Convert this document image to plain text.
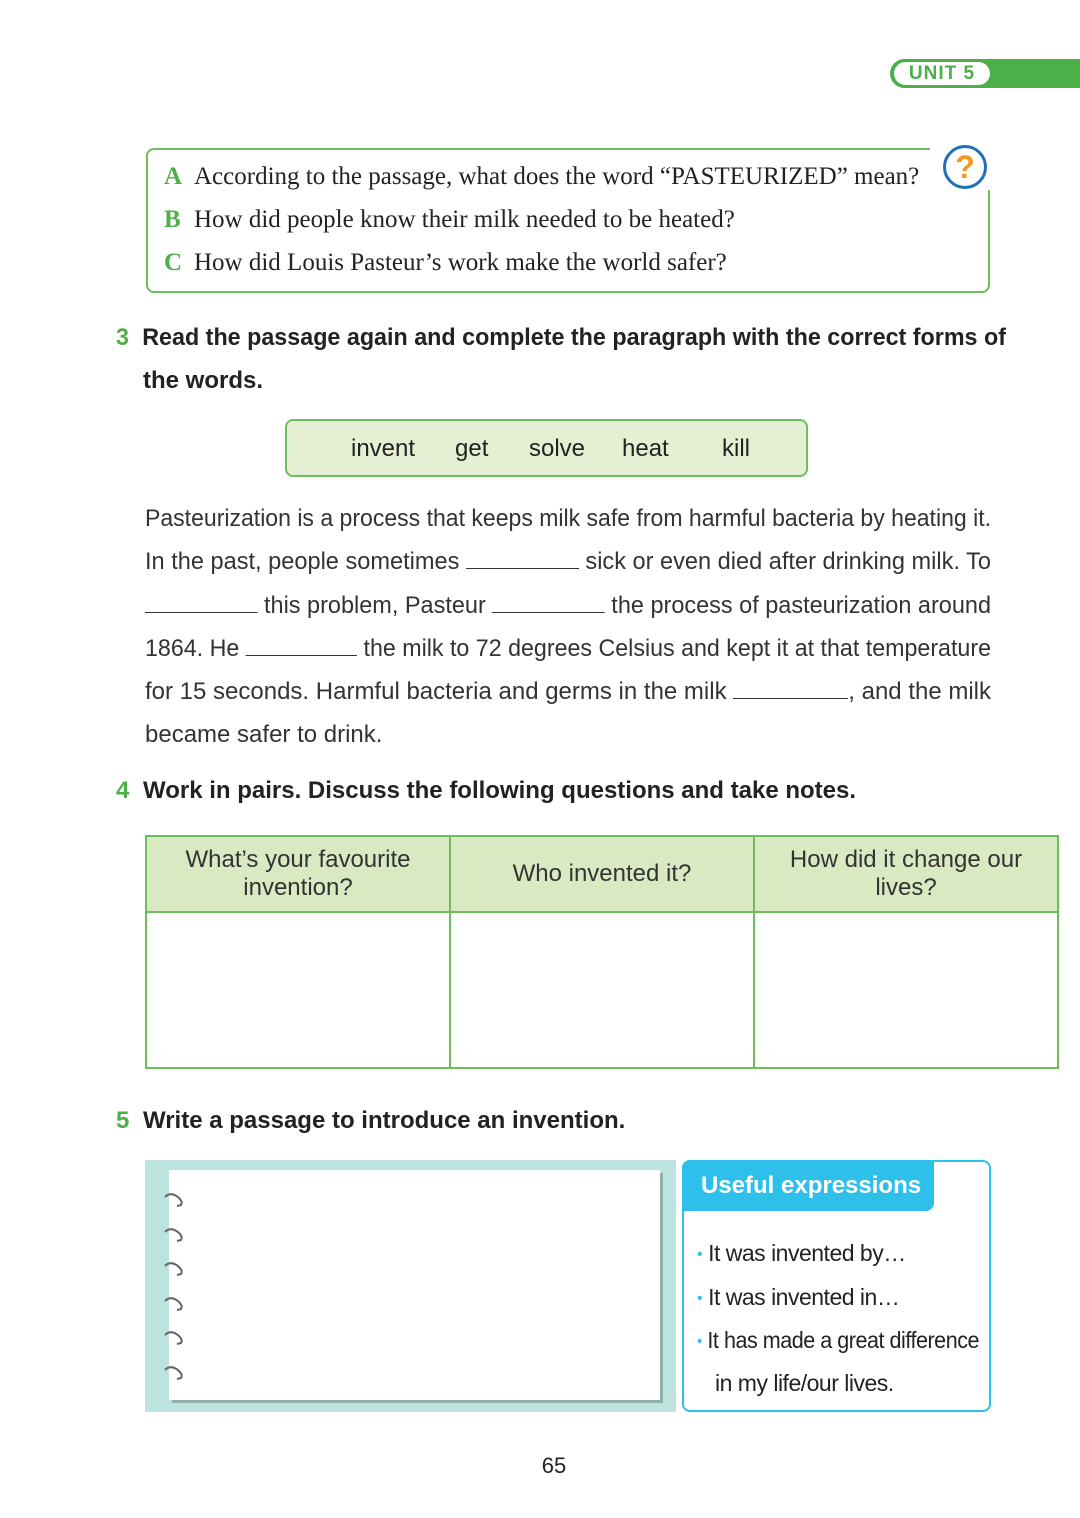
UNIT 5
?
A According to the passage, what does the word “PASTEURIZED” mean?
B How did people know their milk needed to be heated?
C How did Louis Pasteur’s work make the world safer?
3 Read the passage again and complete the paragraph with the correct forms of
the words.
invent get solve heat kill
Pasteurization is a process that keeps milk safe from harmful bacteria by heating it.
In the past, people sometimes	sick or even died after drinking milk. To
this problem, Pasteur	the process of pasteurization around
1864. He	the milk to 72 degrees Celsius and kept it at that temperature
for 15 seconds. Harmful bacteria and germs in the milk	, and the milk
became safer to drink.
4 Work in pairs. Discuss the following questions and take notes.
What’s your favourite invention?	Who invented it?	How did it change our lives?

5 Write a passage to introduce an invention.
Useful expressions
• It was invented by…
• It was invented in…
• It has made a great difference
in my life/our lives.
65
